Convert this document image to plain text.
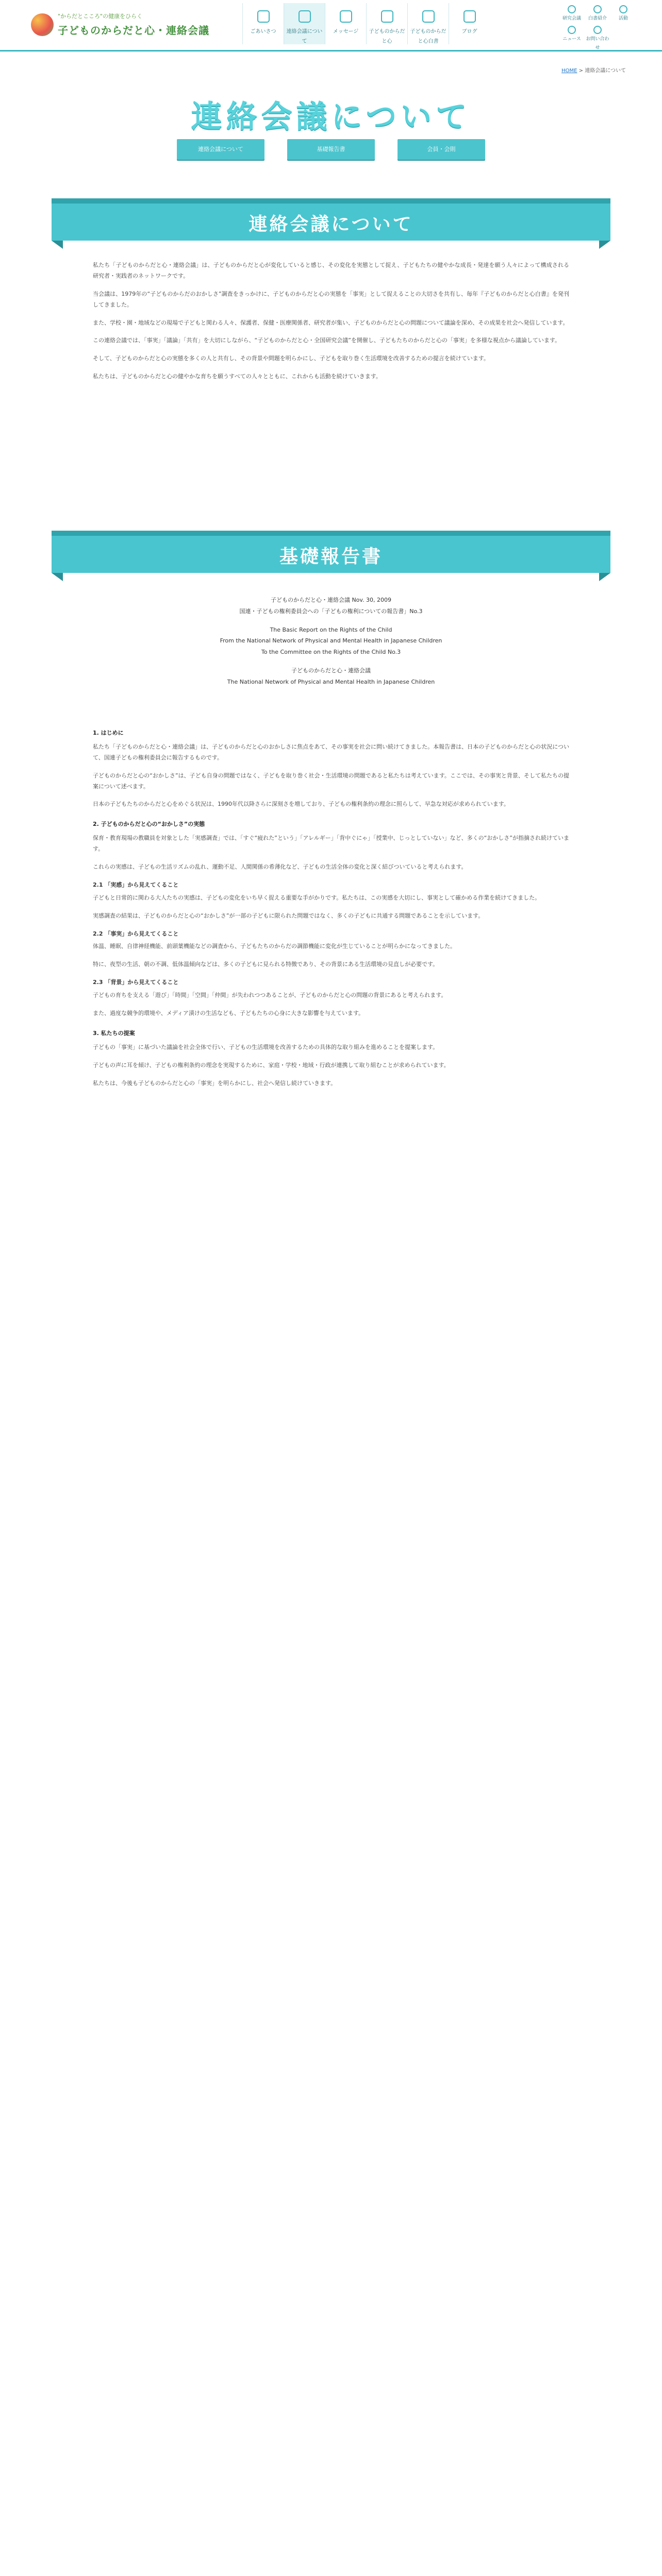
"からだとこころ"の健康をひらく
子どものからだと心・連絡会議	ごあいさつ	連絡会議について
メッセージ	子どものからだと心
子どものからだと心白書
ブログ
研究会議	白書紹介	活動
ニュース	お問い合わせ
HOME > 連絡会議について
連絡会議について
連絡会議について	基礎報告書	会員・会則
連絡会議について

私たち「子どものからだと心・連絡会議」は、子どものからだと心が変化していると感じ、その変化を実態として捉え、子どもたちの健やかな成長・発達を願う人々によって構成される研究者・実践者のネットワークです。

当会議は、1979年の“子どものからだのおかしさ”調査をきっかけに、子どものからだと心の実態を「事実」として捉えることの大切さを共有し、毎年『子どものからだと心白書』を発刊してきました。

また、学校・園・地域などの現場で子どもと関わる人々、保護者、保健・医療関係者、研究者が集い、子どものからだと心の問題について議論を深め、その成果を社会へ発信しています。

この連絡会議では、「事実」「議論」「共有」を大切にしながら、“子どものからだと心・全国研究会議”を開催し、子どもたちのからだと心の「事実」を多様な視点から議論しています。

そして、子どものからだと心の実態を多くの人と共有し、その背景や問題を明らかにし、子どもを取り巻く生活環境を改善するための提言を続けています。

私たちは、子どものからだと心の健やかな育ちを願うすべての人々とともに、これからも活動を続けていきます。

基礎報告書
子どものからだと心・連絡会議 Nov. 30, 2009
国連・子どもの権利委員会への「子どもの権利についての報告書」No.3
The Basic Report on the Rights of the Child
From the National Network of Physical and Mental Health in Japanese Children
To the Committee on the Rights of the Child No.3
子どものからだと心・連絡会議
The National Network of Physical and Mental Health in Japanese Children
1. はじめに

私たち「子どものからだと心・連絡会議」は、子どものからだと心のおかしさに焦点をあて、その事実を社会に問い続けてきました。本報告書は、日本の子どものからだと心の状況について、国連子どもの権利委員会に報告するものです。

子どものからだと心の“おかしさ”は、子ども自身の問題ではなく、子どもを取り巻く社会・生活環境の問題であると私たちは考えています。ここでは、その事実と背景、そして私たちの提案について述べます。

日本の子どもたちのからだと心をめぐる状況は、1990年代以降さらに深刻さを増しており、子どもの権利条約の理念に照らして、早急な対応が求められています。

2. 子どものからだと心の“おかしさ”の実態

保育・教育現場の教職員を対象とした「実感調査」では、「すぐ“疲れた”という」「アレルギー」「背中ぐにゃ」「授業中、じっとしていない」など、多くの“おかしさ”が指摘され続けています。

これらの実感は、子どもの生活リズムの乱れ、運動不足、人間関係の希薄化など、子どもの生活全体の変化と深く結びついていると考えられます。

2.1 「実感」から見えてくること

子どもと日常的に関わる大人たちの実感は、子どもの変化をいち早く捉える重要な手がかりです。私たちは、この実感を大切にし、事実として確かめる作業を続けてきました。

実感調査の結果は、子どものからだと心の“おかしさ”が一部の子どもに限られた問題ではなく、多くの子どもに共通する問題であることを示しています。

2.2 「事実」から見えてくること

体温、睡眠、自律神経機能、前頭葉機能などの調査から、子どもたちのからだの調節機能に変化が生じていることが明らかになってきました。

特に、夜型の生活、朝の不調、低体温傾向などは、多くの子どもに見られる特徴であり、その背景にある生活環境の見直しが必要です。

2.3 「背景」から見えてくること

子どもの育ちを支える「遊び」「時間」「空間」「仲間」が失われつつあることが、子どものからだと心の問題の背景にあると考えられます。

また、過度な競争的環境や、メディア漬けの生活なども、子どもたちの心身に大きな影響を与えています。

3. 私たちの提案

子どもの「事実」に基づいた議論を社会全体で行い、子どもの生活環境を改善するための具体的な取り組みを進めることを提案します。

子どもの声に耳を傾け、子どもの権利条約の理念を実現するために、家庭・学校・地域・行政が連携して取り組むことが求められています。

私たちは、今後も子どものからだと心の「事実」を明らかにし、社会へ発信し続けていきます。
